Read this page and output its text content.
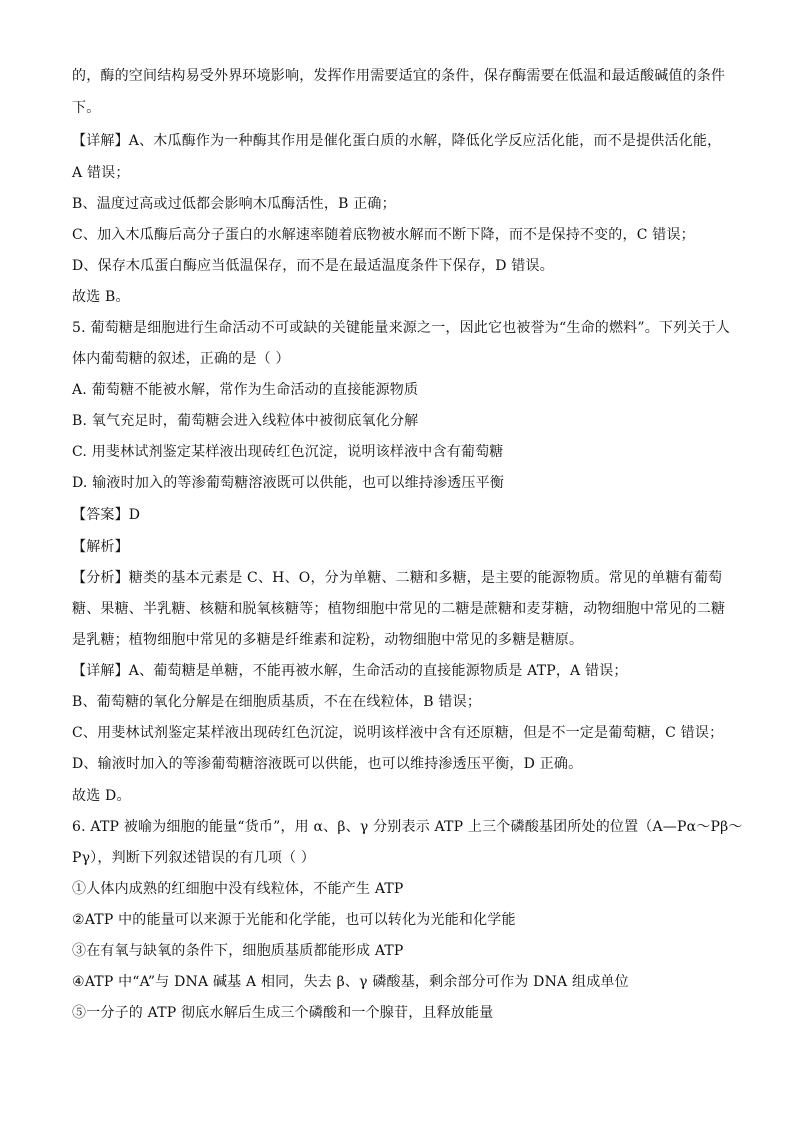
的，酶的空间结构易受外界环境影响，发挥作用需要适宜的条件，保存酶需要在低温和最适酸碱值的条件
下。
【详解】A、木瓜酶作为一种酶其作用是催化蛋白质的水解，降低化学反应活化能，而不是提供活化能，
A 错误；
B、温度过高或过低都会影响木瓜酶活性，B 正确；
C、加入木瓜酶后高分子蛋白的水解速率随着底物被水解而不断下降，而不是保持不变的，C 错误；
D、保存木瓜蛋白酶应当低温保存，而不是在最适温度条件下保存，D 错误。
故选 B。
5. 葡萄糖是细胞进行生命活动不可或缺的关键能量来源之一，因此它也被誉为“生命的燃料”。下列关于人
体内葡萄糖的叙述，正确的是（ ）
A. 葡萄糖不能被水解，常作为生命活动的直接能源物质
B. 氧气充足时，葡萄糖会进入线粒体中被彻底氧化分解
C. 用斐林试剂鉴定某样液出现砖红色沉淀，说明该样液中含有葡萄糖
D. 输液时加入的等渗葡萄糖溶液既可以供能，也可以维持渗透压平衡
【答案】D
【解析】
【分析】糖类的基本元素是 C、H、O，分为单糖、二糖和多糖，是主要的能源物质。常见的单糖有葡萄
糖、果糖、半乳糖、核糖和脱氧核糖等；植物细胞中常见的二糖是蔗糖和麦芽糖，动物细胞中常见的二糖
是乳糖；植物细胞中常见的多糖是纤维素和淀粉，动物细胞中常见的多糖是糖原。
【详解】A、葡萄糖是单糖，不能再被水解，生命活动的直接能源物质是 ATP，A 错误；
B、葡萄糖的氧化分解是在细胞质基质，不在在线粒体，B 错误；
C、用斐林试剂鉴定某样液出现砖红色沉淀，说明该样液中含有还原糖，但是不一定是葡萄糖，C 错误；
D、输液时加入的等渗葡萄糖溶液既可以供能，也可以维持渗透压平衡，D 正确。
故选 D。
6. ATP 被喻为细胞的能量“货币”，用 α、β、γ 分别表示 ATP 上三个磷酸基团所处的位置（A—Pα～Pβ～
Pγ），判断下列叙述错误的有几项（ ）
①人体内成熟的红细胞中没有线粒体，不能产生 ATP
②ATP 中的能量可以来源于光能和化学能，也可以转化为光能和化学能
③在有氧与缺氧的条件下，细胞质基质都能形成 ATP
④ATP 中“A”与 DNA 碱基 A 相同，失去 β、γ 磷酸基，剩余部分可作为 DNA 组成单位
⑤一分子的 ATP 彻底水解后生成三个磷酸和一个腺苷，且释放能量
